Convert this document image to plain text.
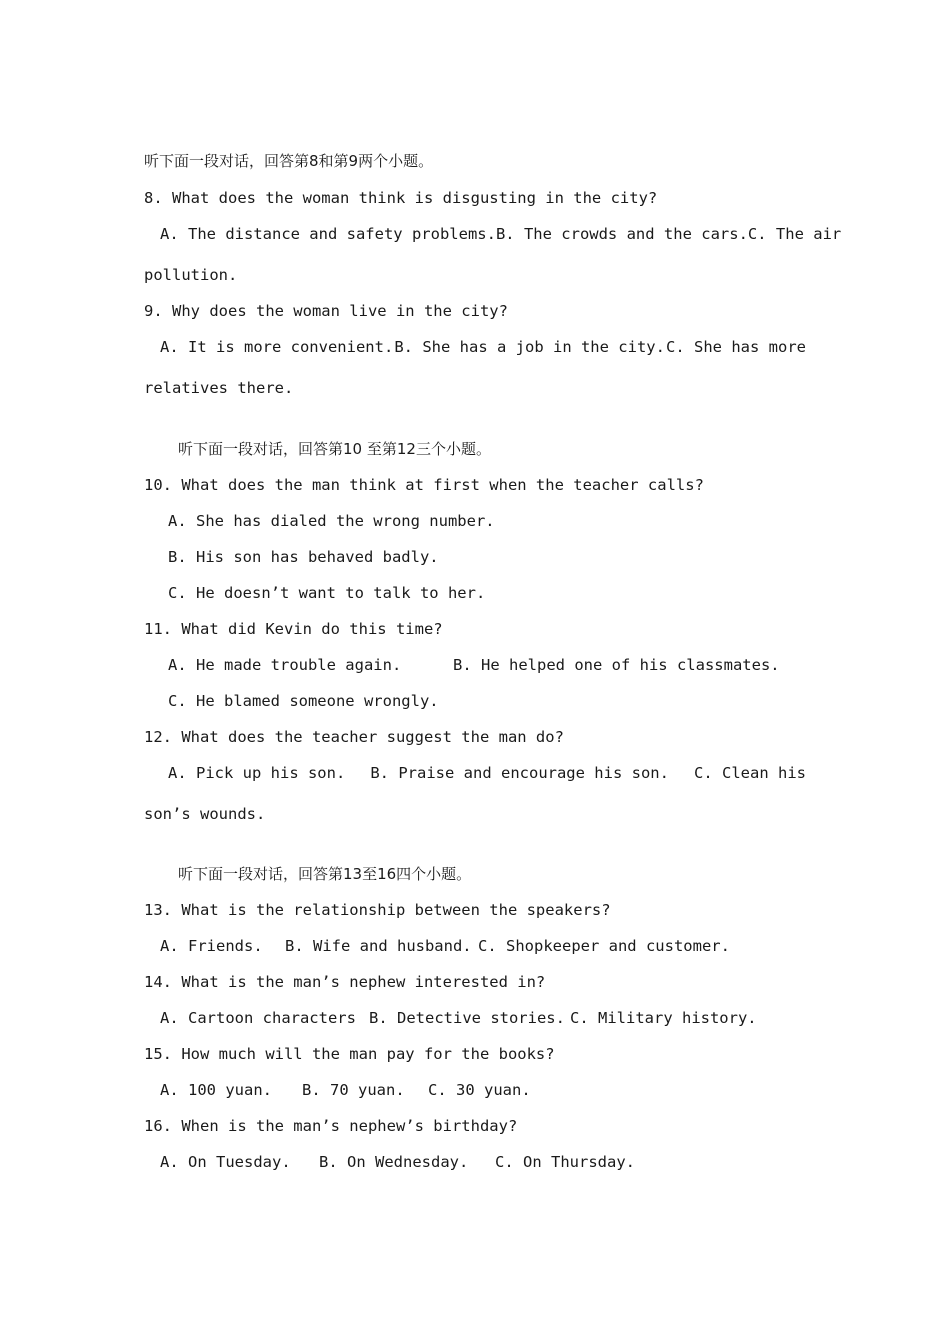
听下面一段对话，回答第8和第9两个小题。
8. What does the woman think is disgusting in the city?
A. The distance and safety problems. B. The crowds and the cars. C. The air
pollution.
9. Why does the woman live in the city?
A. It is more convenient. B. She has a job in the city. C. She has more
relatives there.
听下面一段对话，回答第10 至第12三个小题。
10. What does the man think at first when the teacher calls?
A. She has dialed the wrong number.
B. His son has behaved badly.
C. He doesn’t want to talk to her.
11. What did Kevin do this time?
A. He made trouble again.	B. He helped one of his classmates.
C. He blamed someone wrongly.
12. What does the teacher suggest the man do?
A. Pick up his son. B. Praise and encourage his son. C. Clean his
son’s wounds.
听下面一段对话，回答第13至16四个小题。
13. What is the relationship between the speakers?
A. Friends. B. Wife and husband. C. Shopkeeper and customer.
14. What is the man’s nephew interested in?
A. Cartoon characters B. Detective stories. C. Military history.
15. How much will the man pay for the books?
A. 100 yuan. B. 70 yuan. C. 30 yuan.
16. When is the man’s nephew’s birthday?
A. On Tuesday. B. On Wednesday. C. On Thursday.
